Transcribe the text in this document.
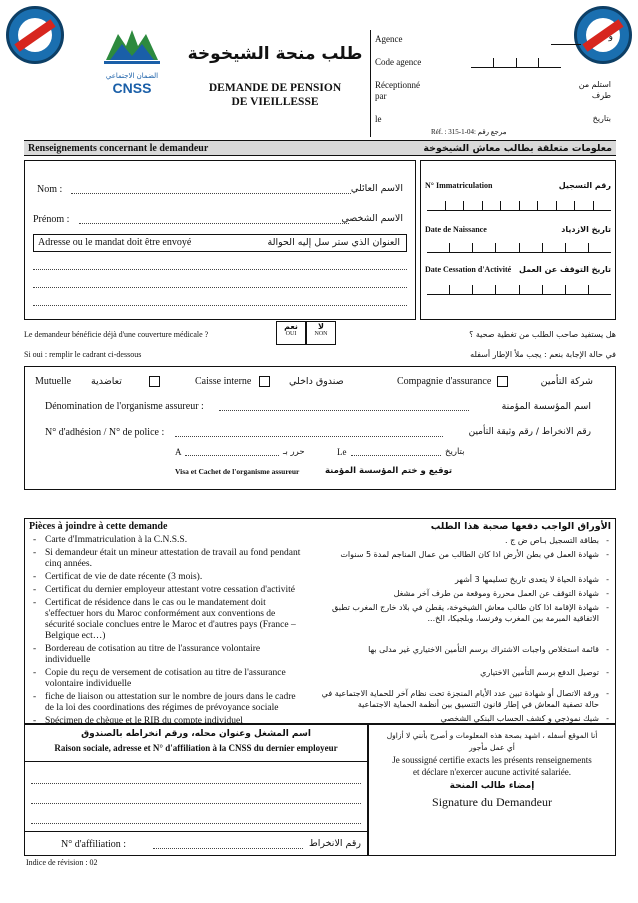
الضمان الاجتماعي
CNSS
طلب منحة الشيخوخة
DEMANDE DE PENSION
DE VIEILLESSE
Agence	و
Code agence
Réceptionné
par
استلم من
طرف
le	بتاريخ
Réf. : 315-1-04: مرجع رقم
Renseignements concernant le demandeur	معلومات متعلقة بطالب معاش الشيخوخة
Nom :	الاسم العائلي
Prénom :	الاسم الشخصي
Adresse ou le mandat doit être envoyé	العنوان الذي ستر سل إليه الحوالة
N° Immatriculation	رقم التسجيل
Date de Naissance	تاريخ الازدياد
Date Cessation d'Activité تاريخ التوقف عن العمل
Le demandeur bénéficie déjà d'une couverture médicale ?	هل يستفيد صاحب الطلب من تغطية صحية ؟
نعم
OUI
لا
NON
Si oui : remplir le cadrant ci-dessous	في حالة الإجابة بنعم : يجب ملأ الإطار أسفله
Mutuelle تعاضدية	Caisse interne	صندوق داخلي	Compagnie d'assurance	شركة التأمين
Dénomination de l'organisme assureur :	اسم المؤسسة المؤمنة
N° d'adhésion / N° de police :	رقم الانخراط / رقم وثيقة التأمين
A	حرر بـ	Le	بتاريخ
Visa et Cachet de l'organisme assureur	توقيع و ختم المؤسسة المؤمنة
Pièces à joindre à cette demande	الأوراق الواجب دفعها صحبة هذا الطلب
- Carte d'Immatriculation à la C.N.S.S.
- Si demandeur était un mineur attestation de travail au fond pendant cinq années.
- Certificat de vie de date récente (3 mois).
- Certificat du dernier employeur attestant votre cessation d'activité
- Certificat de résidence dans le cas ou le mandatement doit s'effectuer hors du Maroc conformément aux conventions de sécurité sociale conclues entre le Maroc et d'autres pays (France –Belgique ect…)
- Bordereau de cotisation au titre de l'assurance volontaire individuelle
- Copie du reçu de versement de cotisation au titre de l'assurance volontaire individuelle
- fiche de liaison ou attestation sur le nombre de jours dans le cadre de la loi des coordinations des régimes de prévoyance sociale
- Spécimen de chèque et le RIB du compte individuel
- بطاقة التسجيل بـاص ض ج .
- شهادة العمل في بطن الأرض اذا كان الطالب من عمال المناجم لمدة 5 سنوات
- شهادة الحياة لا يتعدى تاريخ تسليمها 3 أشهر
- شهادة التوقف عن العمل محررة وموقعة من طرف آخر مشغل
- شهادة الإقامة اذا كان طالب معاش الشيخوخة، يقطن في بلاد خارج المغرب تطبق الاتفاقية المبرمة بين المغرب وفرنسا، وبلجيكا، الخ...
- قائمة استخلاص واجبات الاشتراك برسم التأمين الاختياري غير مدلى بها
- توصيل الدفع برسم التأمين الاختياري
- ورقة الاتصال أو شهادة تبين عدد الأيام المنجزة تحت نظام آخر للحماية الاجتماعية في حالة تصفية المعاش في إطار قانون التنسيق بين أنظمة الحماية الاجتماعية
- شيك نموذجي و كشف الحساب البنكي الشخصي
اسم المشغل وعنوان محله، ورقم انخراطه بالصندوق
Raison sociale, adresse et N° d'affiliation à la CNSS du dernier employeur
N° d'affiliation :	رقم الانخراط
أنا الموقع أسفله ، اشهد بصحة هذه المعلومات و أصرح بأنني لا أزاول
أي عمل مأجور
Je soussigné certifie exacts les présents renseignements
et déclare n'exercer aucune activité salariée.
إمضاء طالب المنحة
Signature du Demandeur
Indice de révision : 02
